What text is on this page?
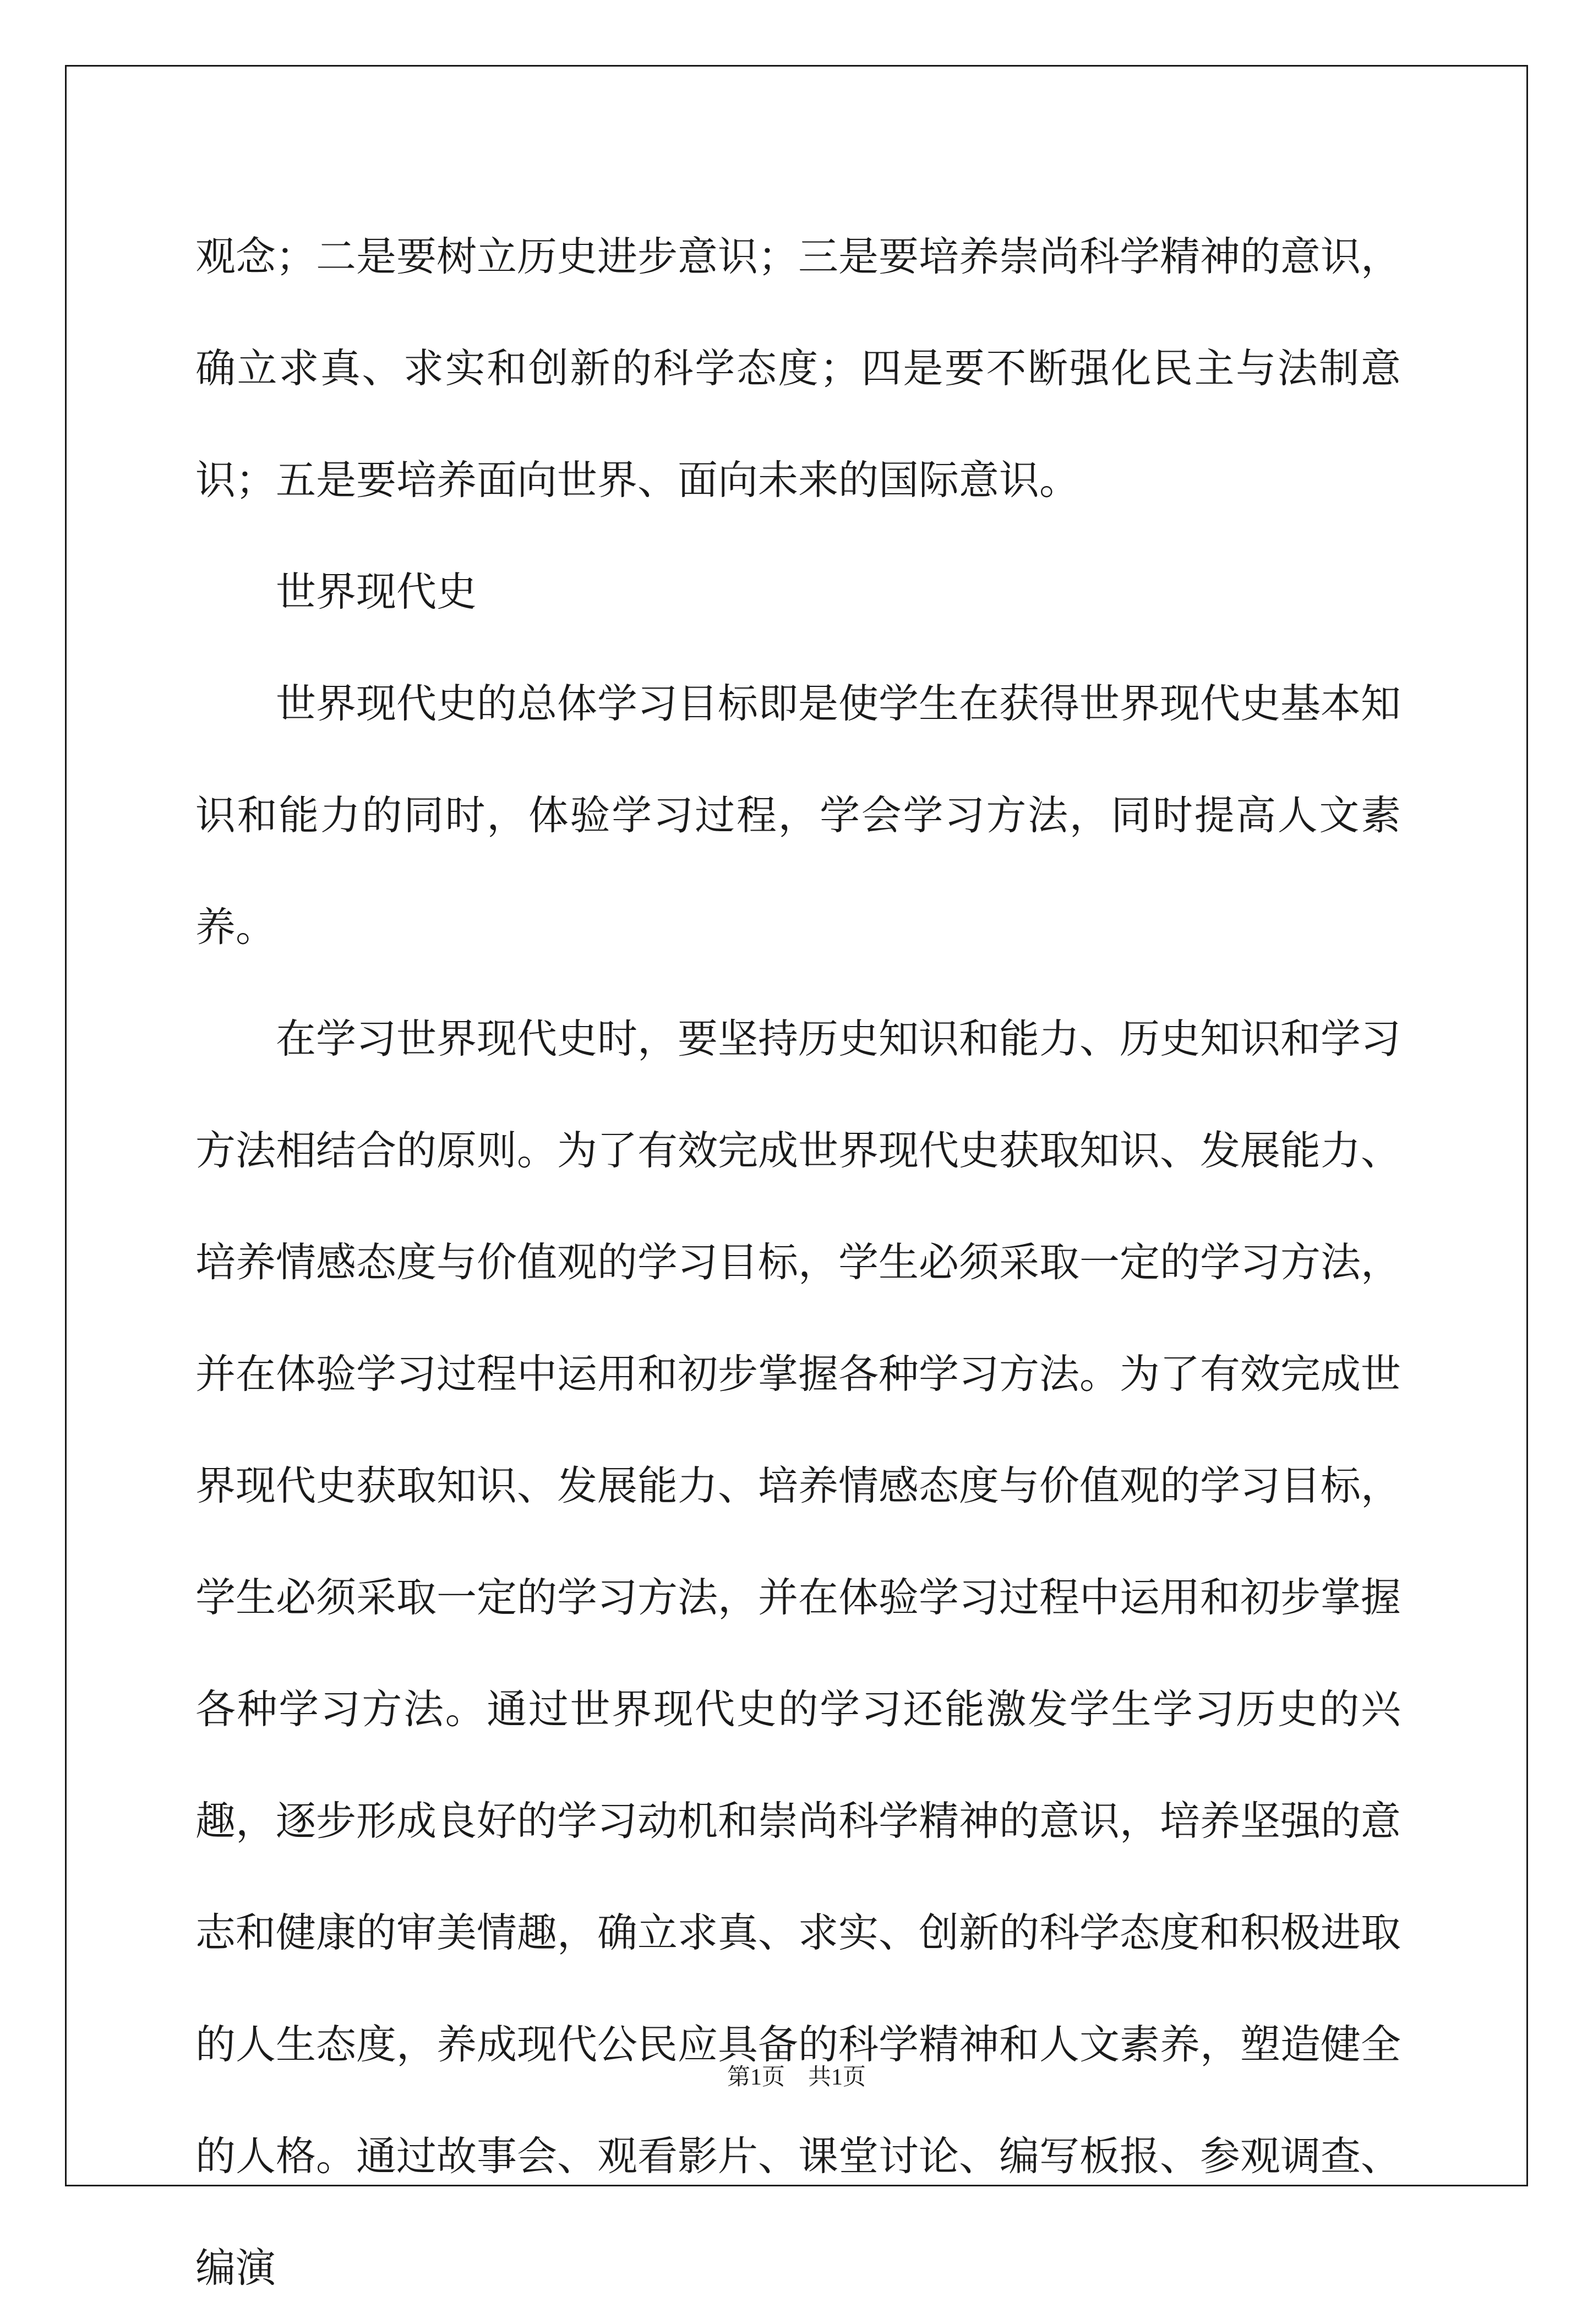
观念；二是要树立历史进步意识；三是要培养崇尚科学精神的意识，确立求真、求实和创新的科学态度；四是要不断强化民主与法制意识；五是要培养面向世界、面向未来的国际意识。

世界现代史

世界现代史的总体学习目标即是使学生在获得世界现代史基本知识和能力的同时，体验学习过程，学会学习方法，同时提高人文素养。

在学习世界现代史时，要坚持历史知识和能力、历史知识和学习方法相结合的原则。为了有效完成世界现代史获取知识、发展能力、培养情感态度与价值观的学习目标，学生必须采取一定的学习方法，并在体验学习过程中运用和初步掌握各种学习方法。为了有效完成世界现代史获取知识、发展能力、培养情感态度与价值观的学习目标，学生必须采取一定的学习方法，并在体验学习过程中运用和初步掌握各种学习方法。通过世界现代史的学习还能激发学生学习历史的兴趣，逐步形成良好的学习动机和崇尚科学精神的意识，培养坚强的意志和健康的审美情趣，确立求真、求实、创新的科学态度和积极进取的人生态度，养成现代公民应具备的科学精神和人文素养，塑造健全的人格。通过故事会、观看影片、课堂讨论、编写板报、参观调查、编演

第1页 共1页
